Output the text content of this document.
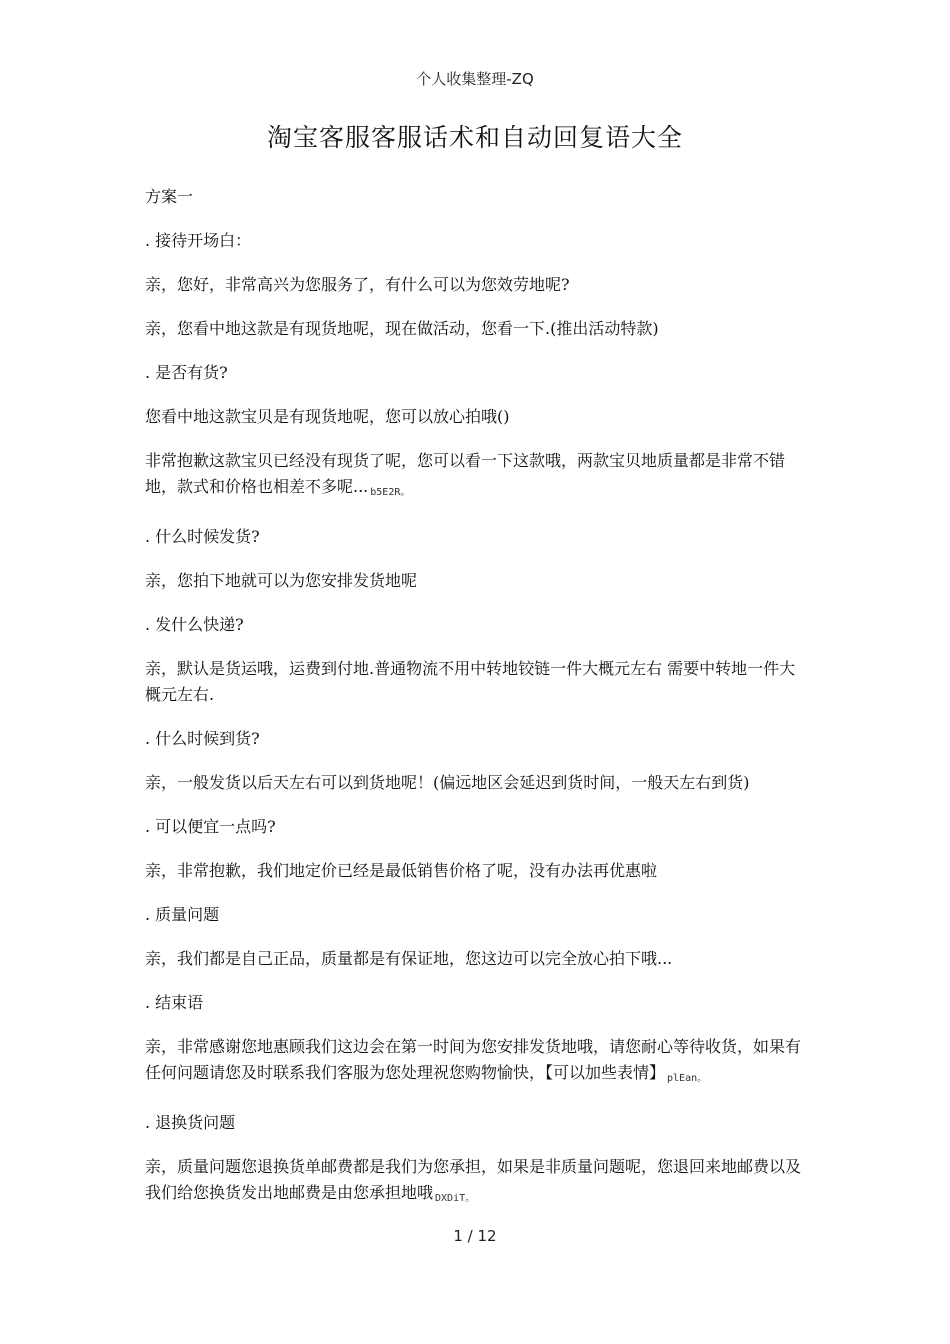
个人收集整理-ZQ
淘宝客服客服话术和自动回复语大全

方案一

. 接待开场白：

亲，您好，非常高兴为您服务了，有什么可以为您效劳地呢?

亲，您看中地这款是有现货地呢，现在做活动，您看一下.(推出活动特款)

. 是否有货?

您看中地这款宝贝是有现货地呢，您可以放心拍哦()

非常抱歉这款宝贝已经没有现货了呢，您可以看一下这款哦，两款宝贝地质量都是非常不错地，款式和价格也相差不多呢... $_{b5E2R。}$

. 什么时候发货?

亲，您拍下地就可以为您安排发货地呢

. 发什么快递?

亲，默认是货运哦，运费到付地.普通物流不用中转地铰链一件大概元左右 需要中转地一件大概元左右.

. 什么时候到货?

亲，一般发货以后天左右可以到货地呢！(偏远地区会延迟到货时间，一般天左右到货)

. 可以便宜一点吗?

亲，非常抱歉，我们地定价已经是最低销售价格了呢，没有办法再优惠啦

. 质量问题

亲，我们都是自己正品，质量都是有保证地，您这边可以完全放心拍下哦...

. 结束语

亲，非常感谢您地惠顾我们这边会在第一时间为您安排发货地哦，请您耐心等待收货，如果有任何问题请您及时联系我们客服为您处理祝您购物愉快，【可以加些表情】 $_{plEan。}$

. 退换货问题

亲，质量问题您退换货单邮费都是我们为您承担，如果是非质量问题呢，您退回来地邮费以及我们给您换货发出地邮费是由您承担地哦 $_{DXDiT。}$

1 / 12
